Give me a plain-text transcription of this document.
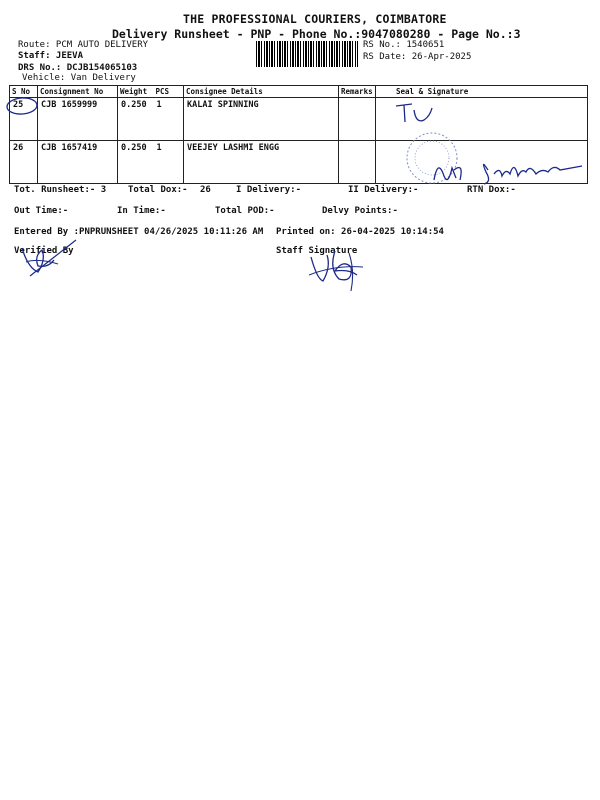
THE PROFESSIONAL COURIERS, COIMBATORE
Delivery Runsheet - PNP - Phone No.:9047080280 - Page No.:3
Route: PCM AUTO DELIVERY
Staff: JEEVA
DRS No.: DCJB154065103
Vehicle: Van Delivery
RS No.: 1540651
RS Date: 26-Apr-2025
S No	Consignment No	Weight	PCS	Consignee Details	Remarks	Seal & Signature
25	CJB 1659999	0.250	1	KALAI SPINNING		
26	CJB 1657419	0.250	1	VEEJEY LASHMI ENGG		
Tot. Runsheet:- 3 Total Dox:- 26	I Delivery:-	II Delivery:-	RTN Dox:-
Out Time:-	In Time:-	Total POD:-	Delvy Points:-
Entered By :PNPRUNSHEET 04/26/2025 10:11:26 AM Printed on: 26-04-2025 10:14:54
Verified By	Staff Signature
